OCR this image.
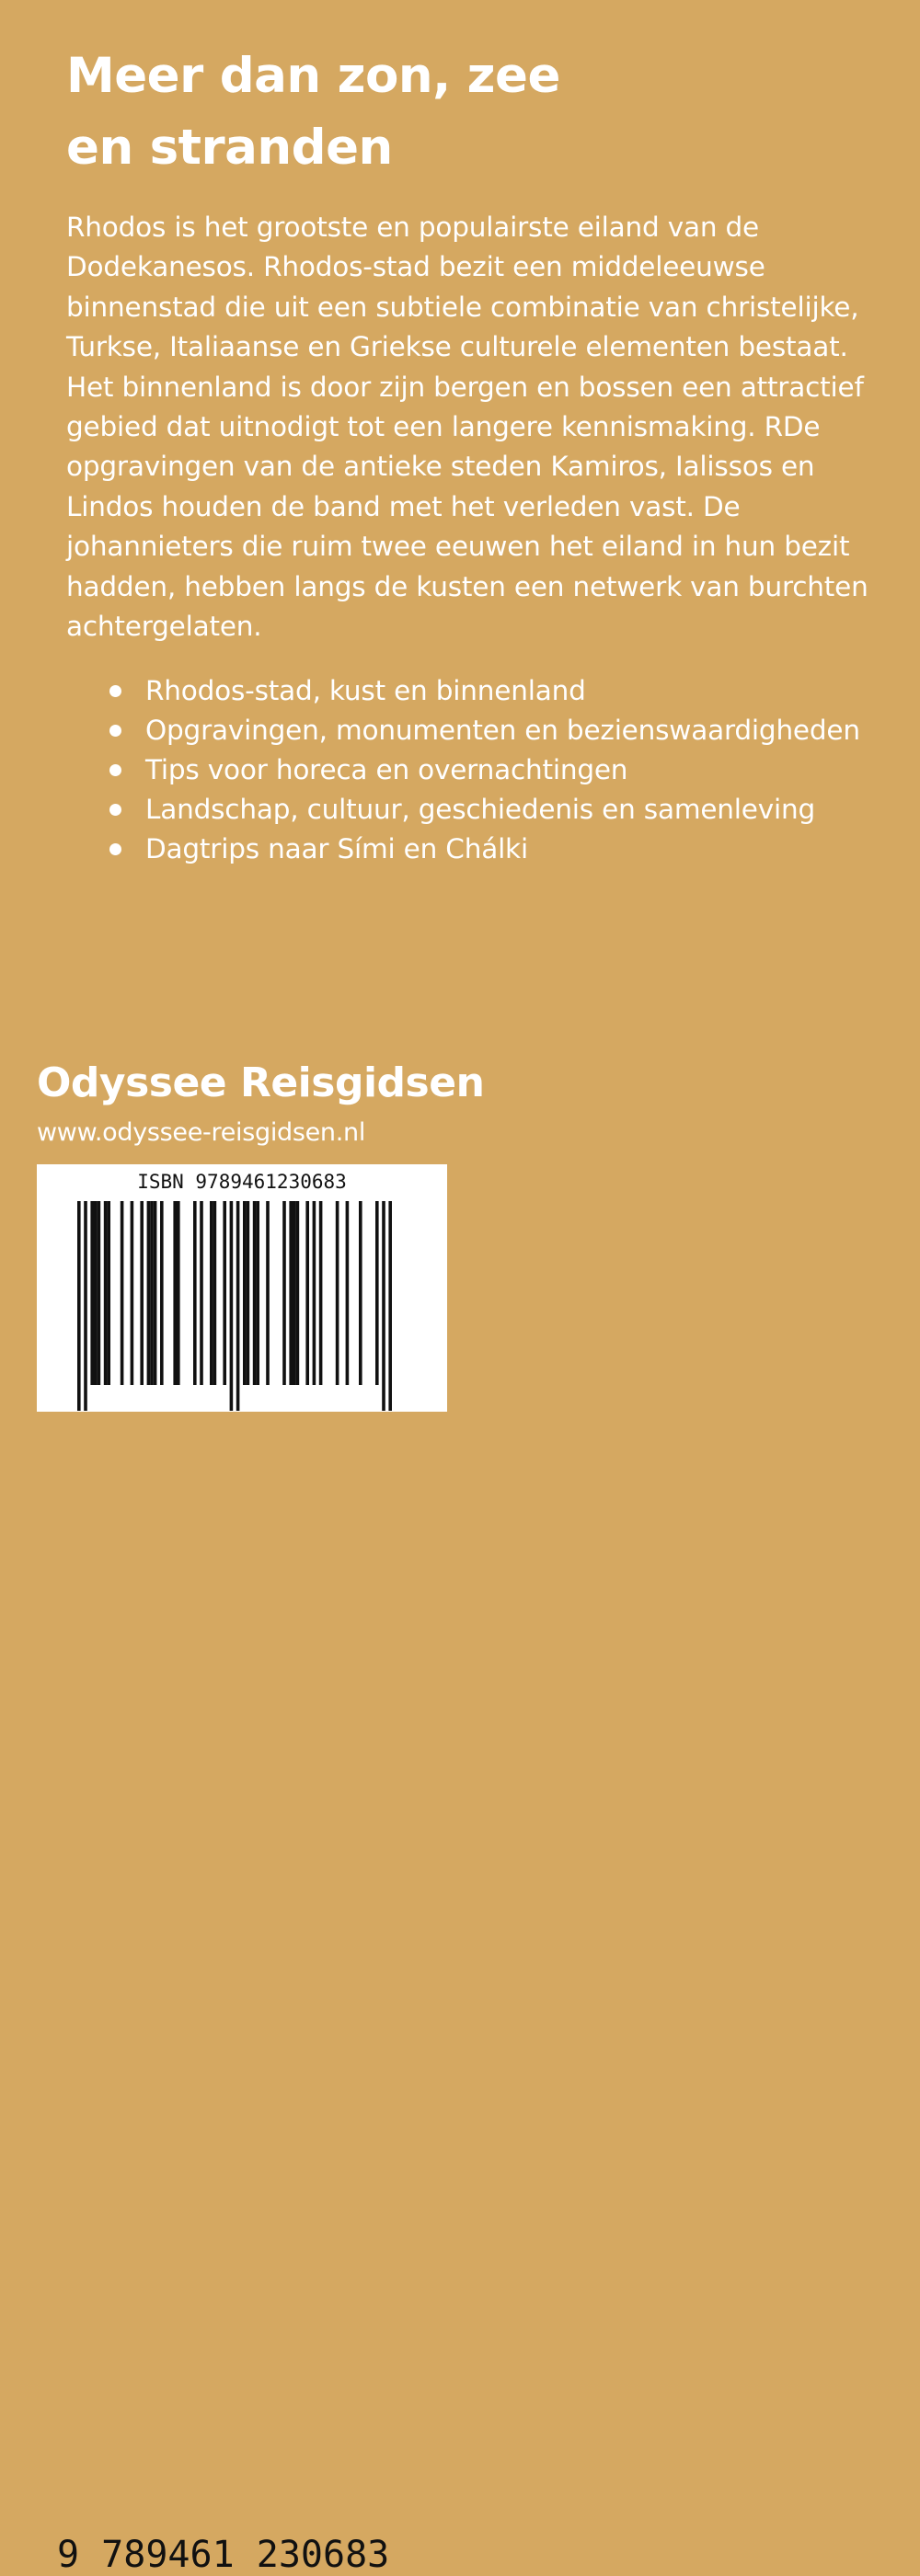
Meer dan zon, zee
en stranden

Rhodos is het grootste en populairste eiland van de Dodekanesos. Rhodos-stad bezit een middeleeuwse binnenstad die uit een subtiele combinatie van christelijke, Turkse, Italiaanse en Griekse culturele elementen bestaat. Het binnenland is door zijn bergen en bossen een attractief gebied dat uitnodigt tot een langere kennismaking. RDe opgravingen van de antieke steden Kamiros, Ialissos en Lindos houden de band met het verleden vast. De johannieters die ruim twee eeuwen het eiland in hun bezit hadden, hebben langs de kusten een netwerk van burchten achtergelaten.

Rhodos-stad, kust en binnenland
Opgravingen, monumenten en bezienswaardigheden
Tips voor horeca en overnachtingen
Landschap, cultuur, geschiedenis en samenleving
Dagtrips naar Sími en Chálki
Odyssee Reisgidsen
www.odyssee-reisgidsen.nl
ISBN 9789461230683
9 789461 230683
